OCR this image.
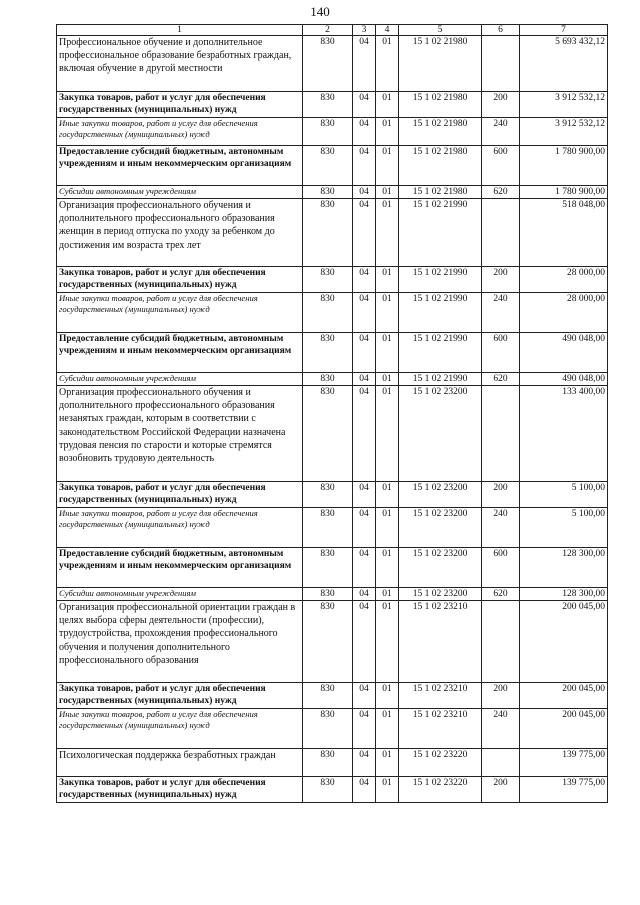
140
1	2	3	4	5	6	7
Профессиональное обучение и дополнительное профессиональное образование безработных граждан, включая обучение в другой местности	830	04	01	15 1 02 21980		5 693 432,12
Закупка товаров, работ и услуг для обеспечения государственных (муниципальных) нужд	830	04	01	15 1 02 21980	200	3 912 532,12
Иные закупки товаров, работ и услуг для обеспечения государственных (муниципальных) нужд	830	04	01	15 1 02 21980	240	3 912 532,12
Предоставление субсидий бюджетным, автономным учреждениям и иным некоммерческим организациям	830	04	01	15 1 02 21980	600	1 780 900,00
Субсидии автономным учреждениям	830	04	01	15 1 02 21980	620	1 780 900,00
Организация профессионального обучения и дополнительного профессионального образования женщин в период отпуска по уходу за ребенком до достижения им возраста трех лет	830	04	01	15 1 02 21990		518 048,00
Закупка товаров, работ и услуг для обеспечения государственных (муниципальных) нужд	830	04	01	15 1 02 21990	200	28 000,00
Иные закупки товаров, работ и услуг для обеспечения государственных (муниципальных) нужд	830	04	01	15 1 02 21990	240	28 000,00
Предоставление субсидий бюджетным, автономным учреждениям и иным некоммерческим организациям	830	04	01	15 1 02 21990	600	490 048,00
Субсидии автономным учреждениям	830	04	01	15 1 02 21990	620	490 048,00
Организация профессионального обучения и дополнительного профессионального образования незанятых граждан, которым в соответствии с законодательством Российской Федерации назначена трудовая пенсия по старости и которые стремятся возобновить трудовую деятельность	830	04	01	15 1 02 23200		133 400,00
Закупка товаров, работ и услуг для обеспечения государственных (муниципальных) нужд	830	04	01	15 1 02 23200	200	5 100,00
Иные закупки товаров, работ и услуг для обеспечения государственных (муниципальных) нужд	830	04	01	15 1 02 23200	240	5 100,00
Предоставление субсидий бюджетным, автономным учреждениям и иным некоммерческим организациям	830	04	01	15 1 02 23200	600	128 300,00
Субсидии автономным учреждениям	830	04	01	15 1 02 23200	620	128 300,00
Организация профессиональной ориентации граждан в целях выбора сферы деятельности (профессии), трудоустройства, прохождения профессионального обучения и получения дополнительного профессионального образования	830	04	01	15 1 02 23210		200 045,00
Закупка товаров, работ и услуг для обеспечения государственных (муниципальных) нужд	830	04	01	15 1 02 23210	200	200 045,00
Иные закупки товаров, работ и услуг для обеспечения государственных (муниципальных) нужд	830	04	01	15 1 02 23210	240	200 045,00
Психологическая поддержка безработных граждан	830	04	01	15 1 02 23220		139 775,00
Закупка товаров, работ и услуг для обеспечения государственных (муниципальных) нужд	830	04	01	15 1 02 23220	200	139 775,00
